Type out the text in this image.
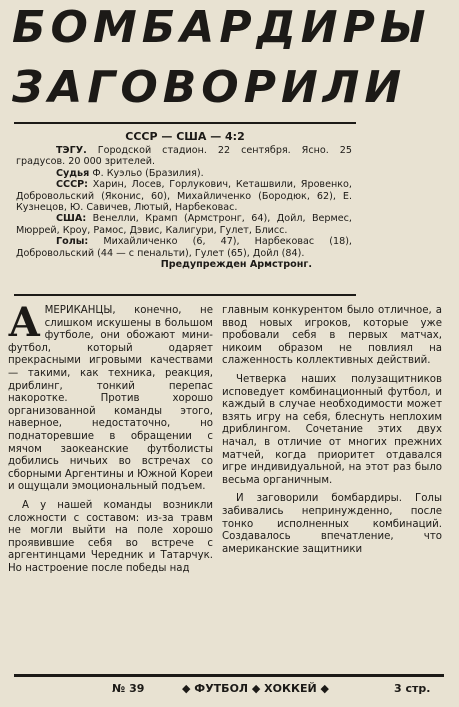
БОМБАРДИРЫ
ЗАГОВОРИЛИ
СССР — США — 4:2

ТЭГУ. Городской стадион. 22 сентября. Ясно. 25 градусов. 20 000 зрителей.

Судья Ф. Куэльо (Бразилия).

СССР: Харин, Лосев, Горлукович, Кеташвили, Яровенко, Добровольский (Яконис, 60), Михайличенко (Бородюк, 62), Е. Кузнецов, Ю. Савичев, Лютый, Нарбековас.

США: Венелли, Крамп (Армстронг, 64), Дойл, Вермес, Мюррей, Кроу, Рамос, Дэвис, Калигури, Гулет, Блисс.

Голы: Михайличенко (6, 47), Нарбековас (18), Добровольский (44 — с пенальти), Гулет (65), Дойл (84).

Предупрежден Армстронг.

АМЕРИКАНЦЫ, конечно, не слишком искушены в большом футболе, они обожают мини-футбол, который одаряет прекрасными игровыми качествами — такими, как техника, реакция, дриблинг, тонкий перепас накоротке. Против хорошо организованной команды этого, наверное, недостаточно, но поднаторевшие в обращении с мячом заокеанские футболисты добились ничьих во встречах со сборными Аргентины и Южной Кореи и ощущали эмоциональный подъем.

А у нашей команды возникли сложности с составом: из-за травм не могли выйти на поле хорошо проявившие себя во встрече с аргентинцами Чередник и Татарчук. Но настроение после победы над

главным конкурентом было отличное, а ввод новых игроков, которые уже пробовали себя в первых матчах, никоим образом не повлиял на слаженность коллективных действий.

Четверка наших полузащитников исповедует комбинационный футбол, и каждый в случае необходимости может взять игру на себя, блеснуть неплохим дриблингом. Сочетание этих двух начал, в отличие от многих прежних матчей, когда приоритет отдавался игре индивидуальной, на этот раз было весьма органичным.

И заговорили бомбардиры. Голы забивались непринужденно, после тонко исполненных комбинаций. Создавалось впечатление, что американские защитники

№ 39	◆ ФУТБОЛ ◆ ХОККЕЙ ◆	3 стр.
